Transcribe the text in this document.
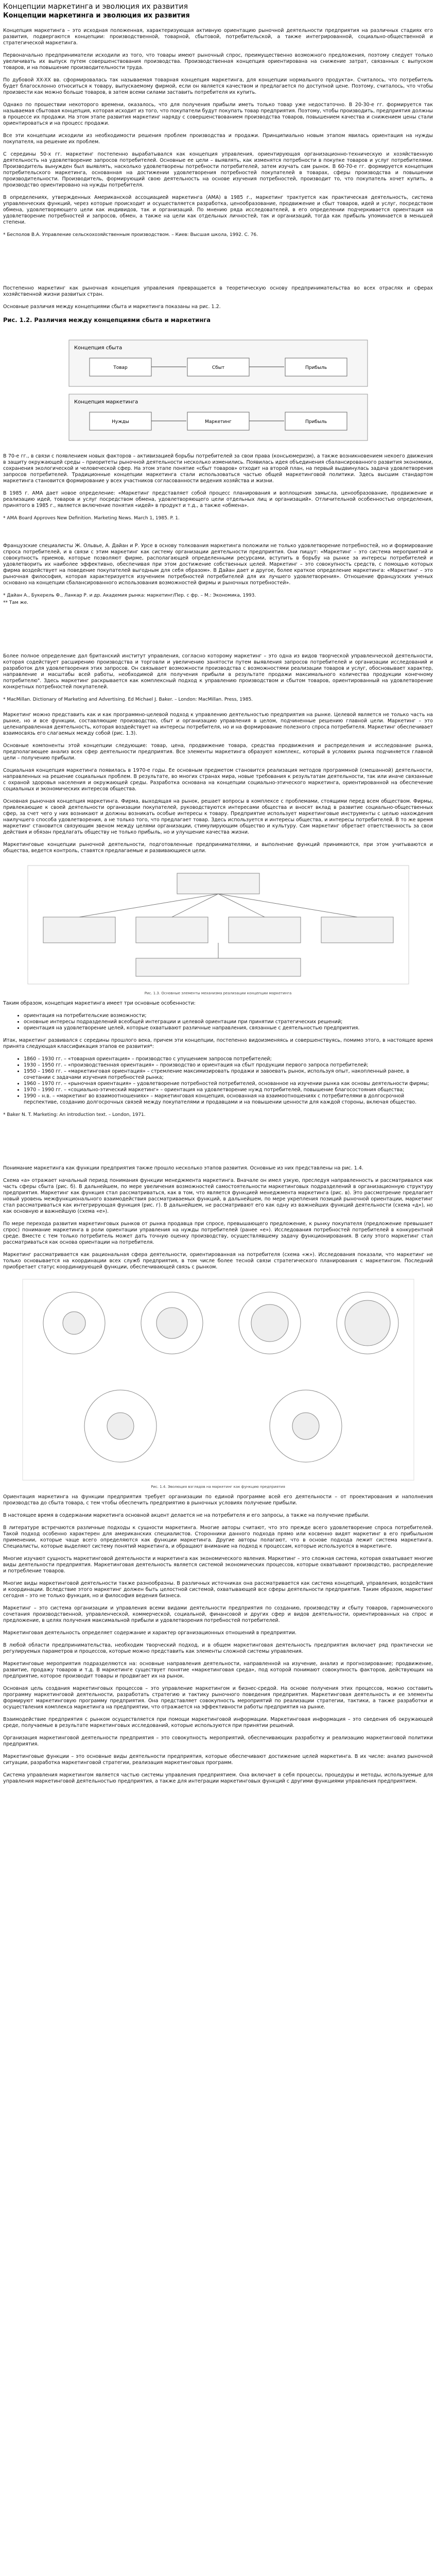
Концепции маркетинга и эволюция их развития
Концепции маркетинга и эволюция их развития

Концепция маркетинга – это исходная положенная, характеризующая активную ориентацию рыночной деятельности предприятия на различных стадиях его развития, подвергаются концепции: производственной, товарной, сбытовой, потребительской, а также интегрированной, социально-общественной и стратегической маркетинга.

Первоначально предприниматели исходили из того, что товары имеют рыночный спрос, преимущественно возможного предложения, поэтому следует только увеличивать их выпуск путем совершенствования производства. Производственная концепция ориентирована на снижение затрат, связанных с выпуском товаров, и на повышение производительности труда.

По дубовой XX-XX вв. сформировалась так называемая товарная концепция маркетинга, для концепции нормального продукта». Считалось, что потребитель будет благосклонно относиться к товару, выпускаемому фирмой, если он является качеством и предлагается по доступной цене. Поэтому, считалось, что чтобы произвести как можно больше товаров, в затем всеми силами заставить потребителя их купить.

Однако по прошествии некоторого времени, оказалось, что для получения прибыли иметь только товар уже недостаточно. В 20-30-е гг. формируется так называемая сбытовая концепция, которая исходит из того, что покупатели будут покупать товар предприятия. Поэтому, чтобы производить, предприятия должны в процессе их продажи. На этом этапе развития маркетинг наряду с совершенствованием производства товаров, повышением качества и снижением цены стали ориентироваться и на процесс продажи.

Все эти концепции исходили из необходимости решения проблем производства и продажи. Принципиально новым этапом явилась ориентация на нужды покупателя, на решение их проблем.

С середины 50-х гг. маркетинг постепенно вырабатывался как концепция управления, ориентирующая организационно-техническую и хозяйственную деятельность на удовлетворение запросов потребителей. Основные ее цели – выявлять, как изменятся потребности в покупке товаров и услуг потребителями. Производитель вынужден был выявлять, насколько удовлетворены потребности потребителей, затем изучать сам рынок. В 60-70-е гг. формируется концепция потребительского маркетинга, основанная на достижении удовлетворения потребностей покупателей в товарах, сферы производства и повышении производительности. Производитель, формирующий свою деятельность на основе изучения потребностей, производит то, что покупатель хочет купить, а производство ориентировано на нужды потребителя.

В определениях, утвержденных Американской ассоциацией маркетинга (АМА) в 1985 г., маркетинг трактуется как практическая деятельность, система управленческих функций, через которые происходит и осуществляется разработка, ценообразование, продвижение и сбыт товаров, идей и услуг, посредством обмена, удовлетворяющего цели как индивидов, так и организаций. По мнению ряда исследователей, в его определении подчеркивается ориентация на удовлетворение потребностей и запросов, обмен, а также на цели как отдельных личностей, так и организаций, тогда как прибыль упоминается в меньшей степени.

* Бесполов В.А. Управление сельскохозяйственным производством. – Киев: Высшая школа, 1992. С. 76.

Постепенно маркетинг как рыночная концепция управления превращается в теоретическую основу предпринимательства во всех отраслях и сферах хозяйственной жизни развитых стран.

Основные различия между концепциями сбыта и маркетинга показаны на рис. 1.2.

Рис. 1.2. Различия между концепциями сбыта и маркетинга
Концепция сбыта
Концепция маркетинга
Товар	Сбыт	Прибыль
Нужды	Маркетинг	Прибыль

В 70-е гг., в связи с появлением новых факторов – активизацией борьбы потребителей за свои права (консьюмеризм), а также возникновением некоего движения в защиту окружающей среды – приоритеты рыночной деятельности несколько изменились. Появилась идея объединения сбалансированного развития экономики, сохранения экологической и человеческой сфер. На этом этапе понятие «сбыт товаров» отходит на второй план, на первый выдвинулась задача удовлетворения запросов потребителей. Традиционные концепции маркетинга стали использоваться частью общей маркетинговой политики. Здесь высшим стандартом маркетинга становится формирование у всех участников согласованности ведения хозяйства и жизни.

В 1985 г. АМА дает новое определение: «Маркетинг представляет собой процесс планирования и воплощения замысла, ценообразование, продвижение и реализацию идей, товаров и услуг посредством обмена, удовлетворяющего цели отдельных лиц и организаций». Отличительной особенностью определения, принятого в 1985 г., является включение понятия «идей» в продукт и т.д., а также «обмена».

* AMA Board Approves New Definition. Marketing News. March 1, 1985. P. 1.

Французские специалисты Ж. Ольвье, А. Дайан и Р. Урсе в основу толкования маркетинга положили не только удовлетворение потребностей, но и формирование спроса потребителей, и в связи с этим маркетинг как систему организации деятельности предприятия. Они пишут: «Маркетинг – это система мероприятий и совокупность приемов, которые позволяют фирме, располагающей определенными ресурсами, вступить в борьбу на рынке за интересы потребителей и удовлетворить их наиболее эффективно, обеспечивая при этом достижение собственных целей. Маркетинг – это совокупность средств, с помощью которых фирма воздействует на поведение покупателей выгодным для себя образом». В Дайан дает и другое, более краткое определение маркетинга: «Маркетинг – это рыночная философия, которая характеризуется изучением потребностей потребителей для их лучшего удовлетворения». Отношение французских ученых основано на концепции сбалансированного использования возможностей фирмы и рыночных потребностей».

* Дайан А., Букерель Ф., Ланкар Р. и др. Академия рынка: маркетинг/Пер. с фр. – М.: Экономика, 1993.
** Там же.

Более полное определение дал британский институт управления, согласно которому маркетинг – это одна из видов творческой управленческой деятельности, которая содействует расширению производства и торговли и увеличению занятости путем выявления запросов потребителей и организации исследований и разработок для удовлетворения этих запросов. Он связывает возможности производства с возможностями реализации товаров и услуг, обосновывает характер, направление и масштабы всей работы, необходимой для получения прибыли в результате продажи максимального количества продукции конечному потребителю". Здесь маркетинг раскрывается как комплексный подход к управлению производством и сбытом товаров, ориентированный на удовлетворение конкретных потребностей покупателей.

* MacMillan. Dictionary of Marketing and Advertising. Ed Michael J. Baker. – London: MacMillan. Press, 1985.

Маркетинг можно представить как и как программно-целевой подход к управлению деятельностью предприятия на рынке. Целевой является не только часть на рынке, но и все функции, составляющие производство, сбыт и организацию управления в целом, подчиненные решению главной цели. Маркетинг – это целенаправленная деятельность, которая воздействует на интересы потребителя, но и на формирование полезного спроса потребителя. Маркетинг обеспечивает взаимосвязь его слагаемых между собой (рис. 1.3).

Основные компоненты этой концепции следующие: товар, цена, продвижение товара, средства продвижения и распределения и исследование рынка, предполагающее анализ всех сфер деятельности предприятия. Все элементы маркетинга образуют комплекс, который в условиях рынка подчиняется главной цели – получению прибыли.

Социальная концепция маркетинга появилась в 1970-е годы. Ее основным предметом становится реализация методов программной (смешанной) деятельности, направленных на решение социальных проблем. В результате, во многих странах мира, новые требования к результатам деятельности, так или иначе связанные с охраной здоровья населения и окружающей среды. Разработка основана на концепции социально-этического маркетинга, ориентированной на обеспечение социальных и экономических интересов общества.

Основная рыночная концепция маркетинга. Фирма, выходящая на рынок, решает вопросы в комплексе с проблемами, стоящими перед всем обществом. Фирмы, привлекающие к своей деятельности организации покупателей, руководствуются интересами общества и вносят вклад в развитие социально-общественных сфер, за счет чего у них возникают и должны возникать особые интересы к товару. Предприятие использует маркетинговые инструменты с целью нахождения наилучшего способа удовлетворения, а не только того, что предлагает товар. Здесь используется и интересы общества, и интересы потребителей. В то же время маркетинг становится связующим звеном между целями организации, стимулирующим общество и культуру. Сам маркетинг обретает ответственность за свои действия и обязан предлагать обществу не только прибыль, но и улучшение качества жизни.

Маркетинговые концепции рыночной деятельности, подготовленные предпринимателями, и выполнение функций принимаются, при этом учитываются и общества, ведется контроль, ставятся предлагаемые и развивающиеся цели.

Рис. 1.3. Основные элементы механизма реализации концепции маркетинга

Таким образом, концепция маркетинга имеет три основные особенности:

• ориентация на потребительские возможности;
• основные интересы подразделений всеобщей интеграции и целевой ориентации при принятии стратегических решений;
• ориентация на удовлетворение целей, которые охватывают различные направления, связанные с деятельностью предприятия.

Итак, маркетинг развивался с середины прошлого века, причем эти концепции, постепенно видоизменяясь и совершенствуясь, помимо этого, в настоящее время принята следующая классификация этапов ее развития*:

• 1860 – 1930 гг. – «товарная ориентация» – производство с упущением запросов потребителей;
• 1930 – 1950 гг. – «производственная ориентация» – производство и ориентация на сбыт продукции первого запроса потребителей;
• 1950 – 1960 гг. – «маркетинговая ориентация» – стремление максимизировать продажи и завоевать рынок, используя опыт, накопленный ранее, в сочетании с задачами изучения потребностей рынка;
• 1960 – 1970 гг. – «рыночная ориентация» – удовлетворение потребностей потребителей, основанное на изучении рынка как основы деятельности фирмы;
• 1970 – 1990 гг. – «социально-этический маркетинг» – ориентация на удовлетворение нужд потребителей, повышение благосостояния общества;
• 1990 – н.в. – «маркетинг во взаимоотношениях» – маркетинговая концепция, основанная на взаимоотношениях с потребителями в долгосрочной перспективе, созданию долгосрочных связей между покупателями и продавцами и на повышении ценности для каждой стороны, включая общество.
* Baker N. T. Marketing: An introduction text. – London, 1971.

Понимание маркетинга как функции предприятия также прошло несколько этапов развития. Основные из них представлены на рис. 1.4.

Схема «а» отражает начальный период понимания функции менеджмента маркетинга. Вначале он имел узкую, преследуя направленность и рассматривался как часть сферы сбыта (рис. б). В дальнейшем, по мере увеличения возможностей самостоятельности маркетинговых подразделений в организационную структуру предприятия. Маркетинг как функция стал рассматриваться, как в том, что является функцией менеджмента маркетинга (рис. в). Это рассмотрение предлагает новый уровень межфункционального взаимодействия рассматриваемых функций, в дальнейшем, по мере укрепления позиций рыночной ориентации, маркетинг стал рассматриваться как интегрирующая функция (рис. г). В дальнейшем, не рассматривают его как одну из важнейших функций деятельности (схема «д»), но как основную и важнейшую (схема «е»).

По мере перехода развития маркетинговых рынков от рынка продавца при спросе, превышающего предложение, к рынку покупателя (предложение превышает спрос) понимание маркетинга в роли ориентации управления на нужды потребителей (ранее «е»). Исследования потребностей потребителей в конкурентной среде. Вместе с тем только потребитель может дать точную оценку производству, осуществлявшему задачу функционирования. В силу этого маркетинг стал рассматриваться как основа ориентации на потребителя.

Маркетинг рассматривается как рациональная сфера деятельности, ориентированная на потребителя (схема «ж»). Исследования показали, что маркетинг не только основывается на координации всех служб предприятия, в том числе более тесной связи стратегического планирования с маркетингом. Последний приобретает статус координирующей функции, обеспечивающей связь с рынком.

Рис. 1.4. Эволюция взглядов на маркетинг как функцию предприятия

Ориентация маркетинга на функции предприятия требует организации по единой программе всей его деятельности – от проектирования и наполнения производства до сбыта товара, с тем чтобы обеспечить предприятию в рыночных условиях получение прибыли.

В настоящее время в содержании маркетинга основной акцент делается не на потребителя и его запросы, а также на получение прибыли.

В литературе встречаются различные подходы к сущности маркетинга. Многие авторы считают, что это прежде всего удовлетворение спроса потребителей. Такой подход особенно характерен для американских специалистов. Сторонники данного подхода прямо или косвенно видят маркетинг в его прибыльном применении, которые чаще всего определяются как функции маркетинга. Другие авторы полагают, что в основе подхода лежит система маркетинга. Специалисты, которые выделяют систему понятий маркетинга, и обращают внимание на подход к процессам, которые используются в маркетинге.

Многие изучают сущность маркетинговой деятельности и маркетинга как экономического явления. Маркетинг – это сложная система, которая охватывает многие виды деятельности предприятия. Маркетинговая деятельность является системой экономических процессов, которые охватывают производство, распределение и потребление товаров.

Многие виды маркетинговой деятельности также разнообразны. В различных источниках она рассматривается как система концепций, управления, воздействия и координации. Вследствие этого маркетинг должен быть целостной системой, охватывающей все сферы деятельности предприятия. Таким образом, маркетинг сегодня – это не только функция, но и философия ведения бизнеса.

Маркетинг – это система организации и управления всеми видами деятельности предприятия по созданию, производству и сбыту товаров, гармонического сочетания производственной, управленческой, коммерческой, социальной, финансовой и других сфер и видов деятельности, ориентированных на спрос и предложение, в целях получения максимальной прибыли и удовлетворения потребностей потребителей.

Маркетинговая деятельность определяет содержание и характер организационных отношений в предприятии.

В любой области предпринимательства, необходим творческий подход, и в общем маркетинговая деятельность предприятия включает ряд практически не регулируемых параметров и процессов, которые можно представить как элементы сложной системы управления.

Маркетинговые мероприятия подразделяются на: основные направления деятельности, направленной на изучение, анализ и прогнозирование; продвижение, развитие, продажу товаров и т.д. В маркетинге существует понятие «маркетинговая среда», под которой понимают совокупность факторов, действующих на предприятие, которое производит товары и продвигает их на рынок.

Основная цель создания маркетинговых процессов – это управление маркетингом и бизнес-средой. На основе получения этих процессов, можно составить программу маркетинговой деятельности, разработать стратегию и тактику рыночного поведения предприятия. Маркетинговая деятельность и ее элементы формируют маркетинговую программу предприятия. Она представляет совокупность мероприятий по реализации стратегии, тактики, а также разработки и осуществления комплекса маркетинга на предприятии, что отражается на эффективности работы предприятия на рынке.

Взаимодействие предприятия с рынком осуществляется при помощи маркетинговой информации. Маркетинговая информация – это сведения об окружающей среде, получаемые в результате маркетинговых исследований, которые используются при принятии решений.

Организация маркетинговой деятельности предприятия – это совокупность мероприятий, обеспечивающих разработку и реализацию маркетинговой политики предприятия.

Маркетинговые функции – это основные виды деятельности предприятия, которые обеспечивают достижение целей маркетинга. В их числе: анализ рыночной ситуации, разработка маркетинговой стратегии, реализация маркетинговых программ.

Система управления маркетингом является частью системы управления предприятием. Она включает в себя процессы, процедуры и методы, используемые для управления маркетинговой деятельностью предприятия, а также для интеграции маркетинговых функций с другими функциями управления предприятием.
